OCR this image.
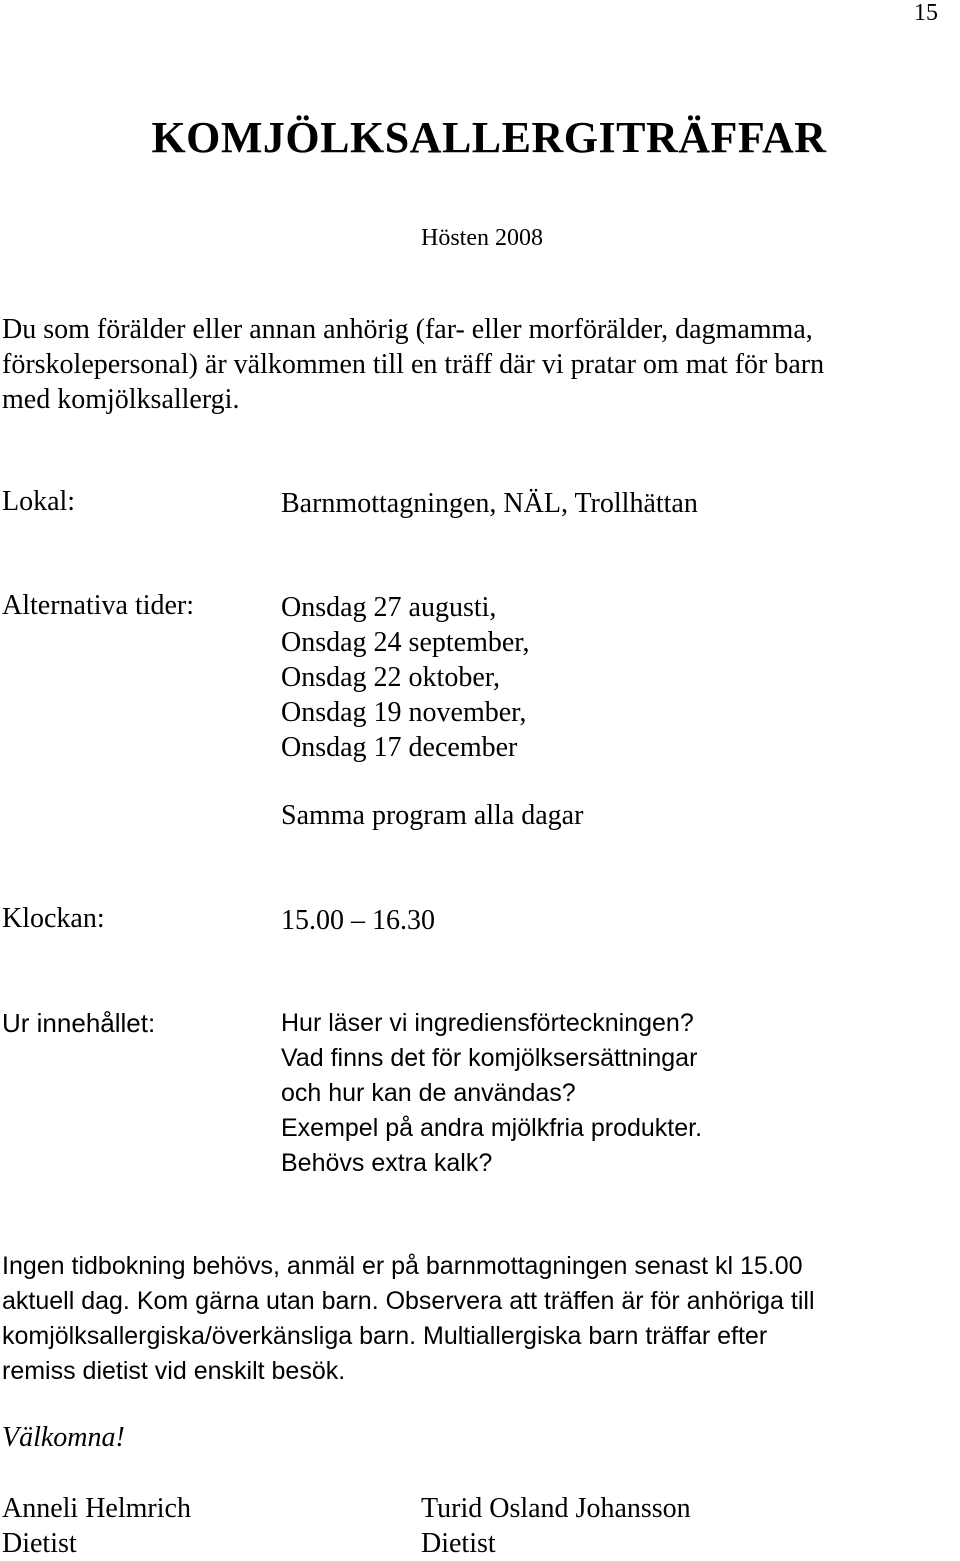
15
KOMJÖLKSALLERGITRÄFFAR
Hösten 2008
Du som förälder eller annan anhörig (far- eller morförälder, dagmamma,
förskolepersonal) är välkommen till en träff där vi pratar om mat för barn
med komjölksallergi.
Lokal:	Barnmottagningen, NÄL, Trollhättan
Alternativa tider:	Onsdag 27 augusti,
Onsdag 24 september,
Onsdag 22 oktober,
Onsdag 19 november,
Onsdag 17 december
Samma program alla dagar
Klockan:	15.00 – 16.30
Ur innehållet:	Hur läser vi ingrediensförteckningen?
Vad finns det för komjölksersättningar
och hur kan de användas?
Exempel på andra mjölkfria produkter.
Behövs extra kalk?
Ingen tidbokning behövs, anmäl er på barnmottagningen senast kl 15.00
aktuell dag. Kom gärna utan barn. Observera att träffen är för anhöriga till
komjölksallergiska/överkänsliga barn. Multiallergiska barn träffar efter
remiss dietist vid enskilt besök.
Välkomna!
Anneli Helmrich
Dietist
Turid Osland Johansson
Dietist
